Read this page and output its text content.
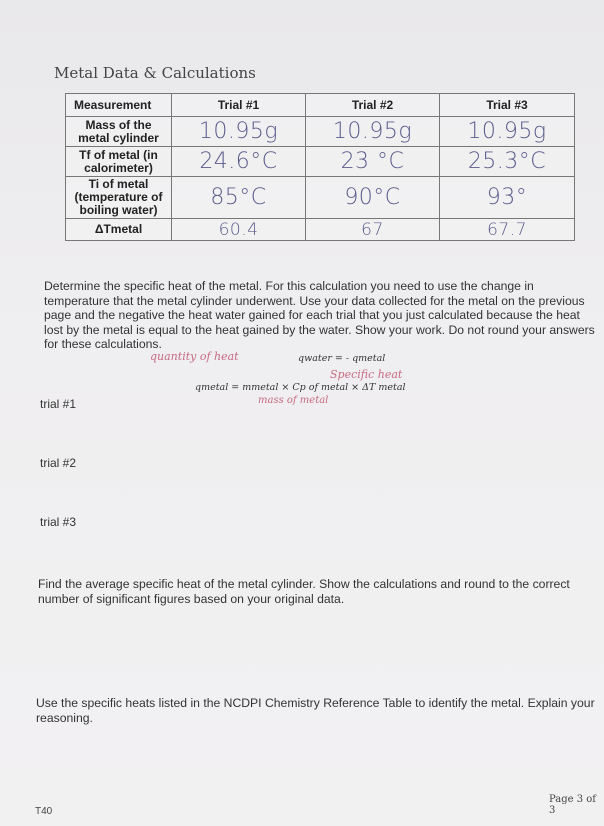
Metal Data & Calculations
Measurement	Trial #1	Trial #2	Trial #3

Mass of the
metal cylinder	10.95g	10.95g	10.95g

Tf of metal (in
calorimeter)	24.6°C	23 °C	25.3°C

Ti of metal
(temperature of
boiling water)	85°C	90°C	93°
ΔTmetal	60.4	67	67.7
Determine the specific heat of the metal. For this calculation you need to use the change in temperature that the metal cylinder underwent. Use your data collected for the metal on the previous page and the negative the heat water gained for each trial that you just calculated because the heat lost by the metal is equal to the heat gained by the water. Show your work. Do not round your answers for these calculations.
quantity of heat	qwater = - qmetal
Specific heat
qmetal = mmetal × Cp of metal × ΔT metal
mass of metal
trial #1
trial #2
trial #3
Find the average specific heat of the metal cylinder. Show the calculations and round to the correct number of significant figures based on your original data.
Use the specific heats listed in the NCDPI Chemistry Reference Table to identify the metal. Explain your reasoning.
T40
Page 3 of 3
